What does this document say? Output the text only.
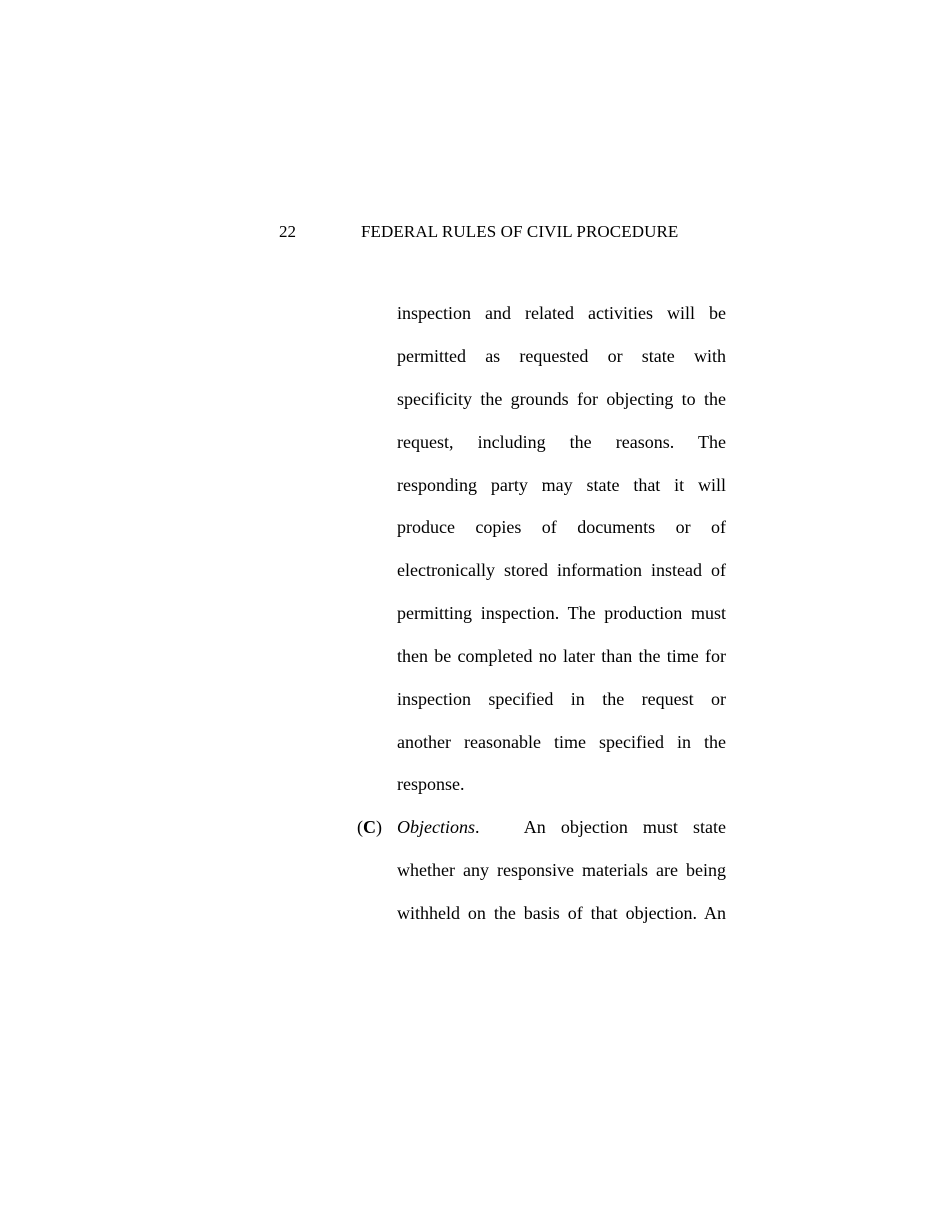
22	FEDERAL RULES OF CIVIL PROCEDURE
inspection and related activities will be
permitted as requested or state with
specificity the grounds for objecting to the
request, including the reasons. The
responding party may state that it will
produce copies of documents or of
electronically stored information instead of
permitting inspection. The production must
then be completed no later than the time for
inspection specified in the request or
another reasonable time specified in the
response.
(C) Objections.   An objection must state
whether any responsive materials are being
withheld on the basis of that objection. An
